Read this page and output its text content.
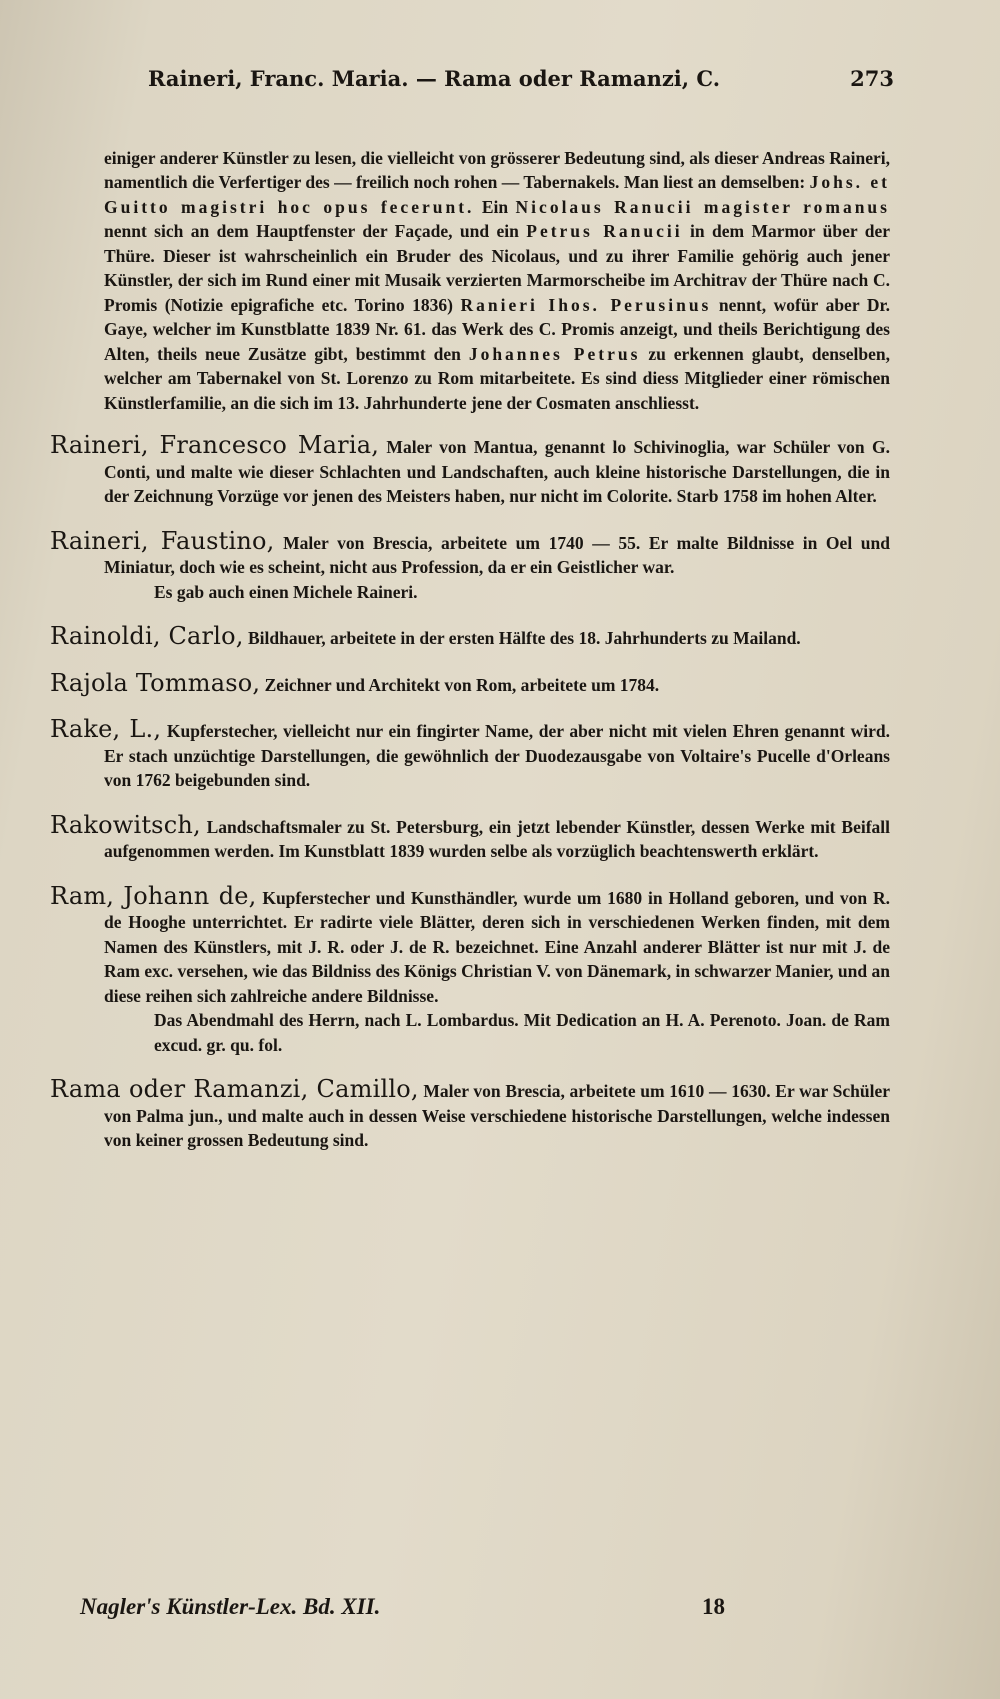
Raineri, Franc. Maria. — Rama oder Ramanzi, C.	273

einiger anderer Künstler zu lesen, die vielleicht von grösserer Bedeutung sind, als dieser Andreas Raineri, namentlich die Verfertiger des — freilich noch rohen — Tabernakels. Man liest an demselben: Johs. et Guitto magistri hoc opus fecerunt. Ein Nicolaus Ranucii magister romanus nennt sich an dem Hauptfenster der Façade, und ein Petrus Ranucii in dem Marmor über der Thüre. Dieser ist wahrscheinlich ein Bruder des Nicolaus, und zu ihrer Familie gehörig auch jener Künstler, der sich im Rund einer mit Musaik verzierten Marmorscheibe im Architrav der Thüre nach C. Promis (Notizie epigrafiche etc. Torino 1836) Ranieri Ihos. Perusinus nennt, wofür aber Dr. Gaye, welcher im Kunstblatte 1839 Nr. 61. das Werk des C. Promis anzeigt, und theils Berichtigung des Alten, theils neue Zusätze gibt, bestimmt den Johannes Petrus zu erkennen glaubt, denselben, welcher am Tabernakel von St. Lorenzo zu Rom mitarbeitete. Es sind diess Mitglieder einer römischen Künstlerfamilie, an die sich im 13. Jahrhunderte jene der Cosmaten anschliesst.

Raineri, Francesco Maria, Maler von Mantua, genannt lo Schivinoglia, war Schüler von G. Conti, und malte wie dieser Schlachten und Landschaften, auch kleine historische Darstellungen, die in der Zeichnung Vorzüge vor jenen des Meisters haben, nur nicht im Colorite. Starb 1758 im hohen Alter.

Raineri, Faustino, Maler von Brescia, arbeitete um 1740 — 55. Er malte Bildnisse in Oel und Miniatur, doch wie es scheint, nicht aus Profession, da er ein Geistlicher war.
Es gab auch einen Michele Raineri.

Rainoldi, Carlo, Bildhauer, arbeitete in der ersten Hälfte des 18. Jahrhunderts zu Mailand.

Rajola Tommaso, Zeichner und Architekt von Rom, arbeitete um 1784.

Rake, L., Kupferstecher, vielleicht nur ein fingirter Name, der aber nicht mit vielen Ehren genannt wird. Er stach unzüchtige Darstellungen, die gewöhnlich der Duodezausgabe von Voltaire's Pucelle d'Orleans von 1762 beigebunden sind.

Rakowitsch, Landschaftsmaler zu St. Petersburg, ein jetzt lebender Künstler, dessen Werke mit Beifall aufgenommen werden. Im Kunstblatt 1839 wurden selbe als vorzüglich beachtenswerth erklärt.

Ram, Johann de, Kupferstecher und Kunsthändler, wurde um 1680 in Holland geboren, und von R. de Hooghe unterrichtet. Er radirte viele Blätter, deren sich in verschiedenen Werken finden, mit dem Namen des Künstlers, mit J. R. oder J. de R. bezeichnet. Eine Anzahl anderer Blätter ist nur mit J. de Ram exc. versehen, wie das Bildniss des Königs Christian V. von Dänemark, in schwarzer Manier, und an diese reihen sich zahlreiche andere Bildnisse.
Das Abendmahl des Herrn, nach L. Lombardus. Mit Dedication an H. A. Perenoto. Joan. de Ram excud. gr. qu. fol.

Rama oder Ramanzi, Camillo, Maler von Brescia, arbeitete um 1610 — 1630. Er war Schüler von Palma jun., und malte auch in dessen Weise verschiedene historische Darstellungen, welche indessen von keiner grossen Bedeutung sind.

Nagler's Künstler-Lex. Bd. XII.	18
